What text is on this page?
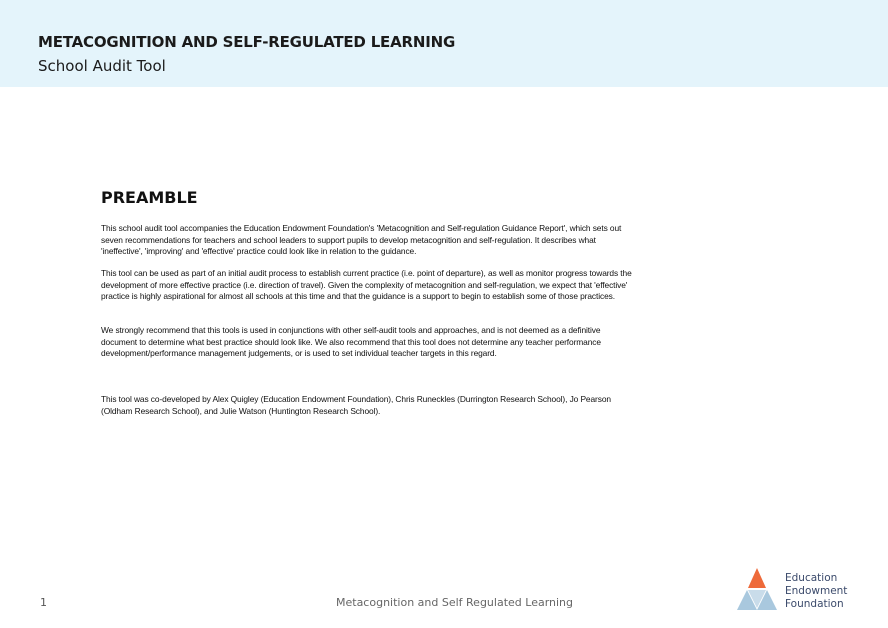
METACOGNITION AND SELF-REGULATED LEARNING
School Audit Tool
PREAMBLE

This school audit tool accompanies the Education Endowment Foundation's 'Metacognition and Self-regulation Guidance Report', which sets out seven recommendations for teachers and school leaders to support pupils to develop metacognition and self-regulation. It describes what 'ineffective', 'improving' and 'effective' practice could look like in relation to the guidance.

This tool can be used as part of an initial audit process to establish current practice (i.e. point of departure), as well as monitor progress towards the development of more effective practice (i.e. direction of travel). Given the complexity of metacognition and self-regulation, we expect that 'effective' practice is highly aspirational for almost all schools at this time and that the guidance is a support to begin to establish some of those practices.

We strongly recommend that this tools is used in conjunctions with other self-audit tools and approaches, and is not deemed as a definitive document to determine what best practice should look like. We also recommend that this tool does not determine any teacher performance development/performance management judgements, or is used to set individual teacher targets in this regard.

This tool was co-developed by Alex Quigley (Education Endowment Foundation), Chris Runeckles (Durrington Research School), Jo Pearson (Oldham Research School), and Julie Watson (Huntington Research School).

1	Metacognition and Self Regulated Learning
Education
Endowment
Foundation
